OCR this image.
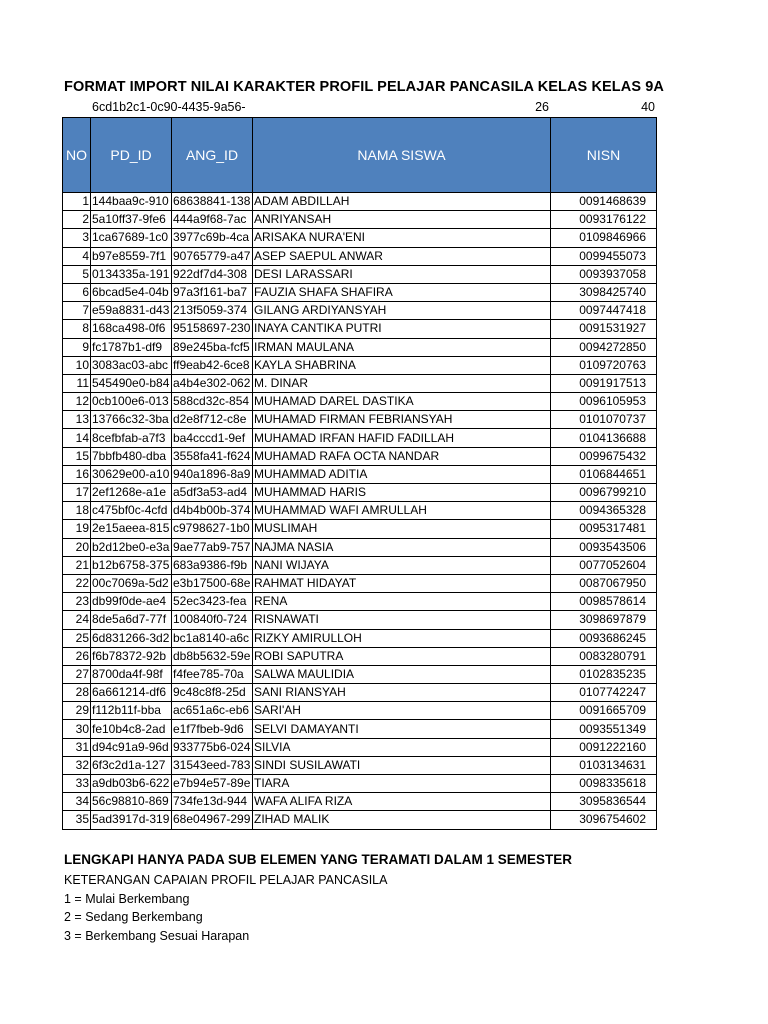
FORMAT IMPORT NILAI KARAKTER PROFIL PELAJAR PANCASILA KELAS KELAS 9A
6cd1b2c1-0c90-4435-9a56-	26	40
NO	PD_ID	ANG_ID	NAMA SISWA	NISN
1	144baa9c-910	68638841-138	ADAM ABDILLAH	0091468639
2	5a10ff37-9fe6	444a9f68-7ac	ANRIYANSAH	0093176122
3	1ca67689-1c0	3977c69b-4ca	ARISAKA NURA'ENI	0109846966
4	b97e8559-7f1	90765779-a47	ASEP SAEPUL ANWAR	0099455073
5	0134335a-191	922df7d4-308	DESI LARASSARI	0093937058
6	6bcad5e4-04b	97a3f161-ba7	FAUZIA SHAFA SHAFIRA	3098425740
7	e59a8831-d43	213f5059-374	GILANG ARDIYANSYAH	0097447418
8	168ca498-0f6	95158697-230	INAYA CANTIKA PUTRI	0091531927
9	fc1787b1-df9	89e245ba-fcf5	IRMAN MAULANA	0094272850
10	3083ac03-abc	ff9eab42-6ce8	KAYLA SHABRINA	0109720763
11	545490e0-b84	a4b4e302-062	M. DINAR	0091917513
12	0cb100e6-013	588cd32c-854	MUHAMAD DAREL DASTIKA	0096105953
13	13766c32-3ba	d2e8f712-c8e	MUHAMAD FIRMAN FEBRIANSYAH	0101070737
14	8cefbfab-a7f3	ba4cccd1-9ef	MUHAMAD IRFAN HAFID FADILLAH	0104136688
15	7bbfb480-dba	3558fa41-f624	MUHAMAD RAFA OCTA NANDAR	0099675432
16	30629e00-a10	940a1896-8a9	MUHAMMAD ADITIA	0106844651
17	2ef1268e-a1e	a5df3a53-ad4	MUHAMMAD HARIS	0096799210
18	c475bf0c-4cfd	d4b4b00b-374	MUHAMMAD WAFI AMRULLAH	0094365328
19	2e15aeea-815	c9798627-1b0	MUSLIMAH	0095317481
20	b2d12be0-e3a	9ae77ab9-757	NAJMA NASIA	0093543506
21	b12b6758-375	683a9386-f9b	NANI WIJAYA	0077052604
22	00c7069a-5d2	e3b17500-68e	RAHMAT HIDAYAT	0087067950
23	db99f0de-ae4	52ec3423-fea	RENA	0098578614
24	8de5a6d7-77f	100840f0-724	RISNAWATI	3098697879
25	6d831266-3d2	bc1a8140-a6c	RIZKY AMIRULLOH	0093686245
26	f6b78372-92b	db8b5632-59e	ROBI SAPUTRA	0083280791
27	8700da4f-98f	f4fee785-70a	SALWA MAULIDIA	0102835235
28	6a661214-df6	9c48c8f8-25d	SANI RIANSYAH	0107742247
29	f112b11f-bba	ac651a6c-eb6	SARI'AH	0091665709
30	fe10b4c8-2ad	e1f7fbeb-9d6	SELVI DAMAYANTI	0093551349
31	d94c91a9-96d	933775b6-024	SILVIA	0091222160
32	6f3c2d1a-127	31543eed-783	SINDI SUSILAWATI	0103134631
33	a9db03b6-622	e7b94e57-89e	TIARA	0098335618
34	56c98810-869	734fe13d-944	WAFA ALIFA RIZA	3095836544
35	5ad3917d-319	68e04967-299	ZIHAD MALIK	3096754602
LENGKAPI HANYA PADA SUB ELEMEN YANG TERAMATI DALAM 1 SEMESTER
KETERANGAN CAPAIAN PROFIL PELAJAR PANCASILA
1 = Mulai Berkembang
2 = Sedang Berkembang
3 = Berkembang Sesuai Harapan
